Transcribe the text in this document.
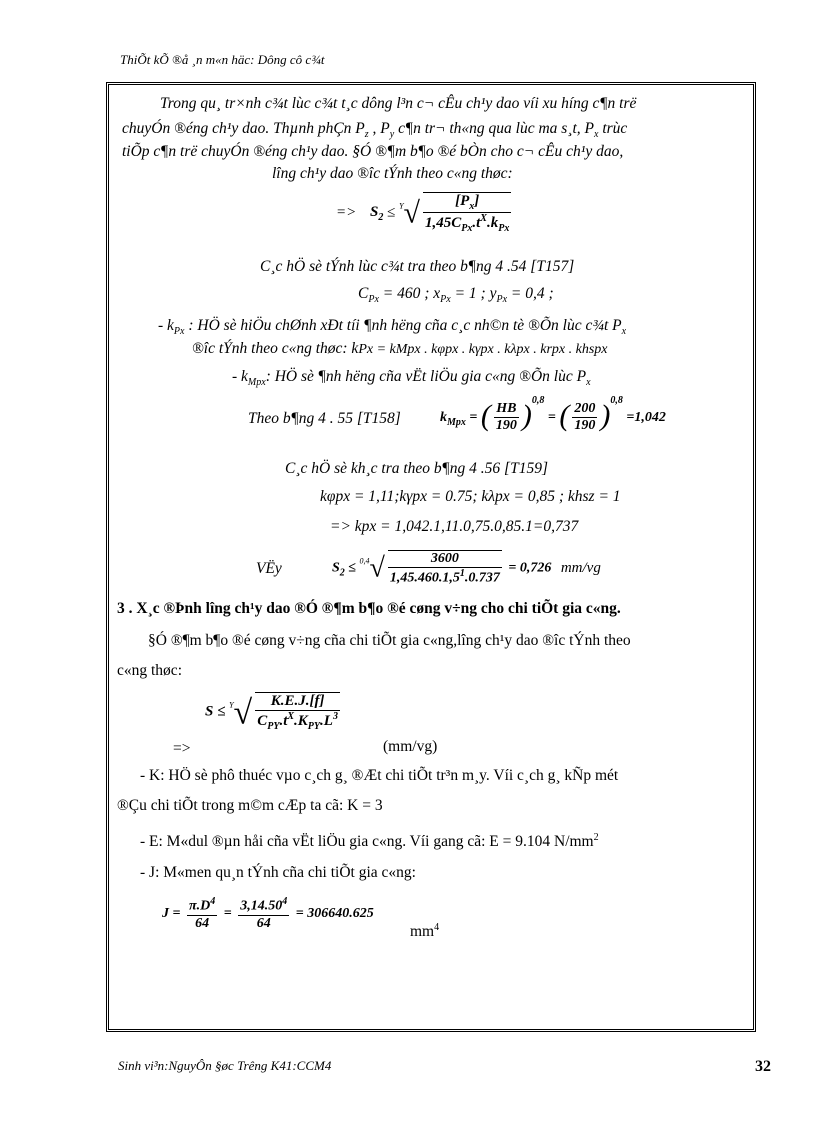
ThiÕt kÕ ®å ¸n m«n häc: Dông cô c¾t
Trong qu¸ tr×nh c¾t lùc c¾t t¸c dông l³n c¬ cÊu ch¹y dao víi xu híng c¶n trë
chuyÓn ®éng ch¹y dao. Thµnh phÇn $P_z$ , $P_y$ c¶n tr¬ th«ng qua lùc ma s¸t, $P_x$ trùc
tiÕp c¶n trë chuyÓn ®éng ch¹y dao. §Ó ®¶m b¶o ®é bÒn cho c¬ cÊu ch¹y dao,
lîng ch¹y dao ®îc tÝnh theo c«ng thøc:
=> $S_2 \le ^Y√ \frac{[P_x]}{1,45C_{Px}.t^X.k_{Px}}$
C¸c hÖ sè tÝnh lùc c¾t tra theo b¶ng 4 .54 [T157]
$C_{Px} = 460$ ; $x_{Px} = 1$ ; $y_{Px} = 0,4$ ;
- $k_{Px}$ : HÖ sè hiÖu chØnh xÐt tíi ¶nh hëng cña c¸c nh©n tè ®Õn lùc c¾t $P_x$
®îc tÝnh theo c«ng thøc: kPx = kMpx . kφpx . kγpx . kλpx . krpx . khspx
- $k_{Mpx}$: HÖ sè ¶nh hëng cña vËt liÖu gia c«ng ®Õn lùc $P_x$
Theo b¶ng 4 . 55 [T158]	$k_{Mpx}$ = ( $\frac{HB}{190} )^{0,8}$ = ( $\frac{200}{190} )^{0,8} =1,042$
C¸c hÖ sè kh¸c tra theo b¶ng 4 .56 [T159]
kφpx = 1,11;kγpx = 0.75; kλpx = 0,85 ; khsz = 1
=> kpx = 1,042.1,11.0,75.0,85.1=0,737
VËy	$S_2 \le ^{0,4}√ \frac{3600}{1,45.460.1,5^1.0.737} = 0,726$ mm/vg
3 . X¸c ®Þnh lîng ch¹y dao ®Ó ®¶m b¶o ®é cøng v÷ng cho chi tiÕt gia c«ng.
§Ó ®¶m b¶o ®é cøng v÷ng cña chi tiÕt gia c«ng,lîng ch¹y dao ®îc tÝnh theo
c«ng thøc:
$S \le ^Y√ \frac{K.E.J.[f]}{C_{PY}.t^X.K_{PY}.L^3}$
=>	(mm/vg)
- K: HÖ sè phô thuéc vµo c¸ch g¸ ®Æt chi tiÕt tr³n m¸y. Víi c¸ch g¸ kÑp mét
®Çu chi tiÕt trong m©m cÆp ta cã: K = 3
- E: M«dul ®µn håi cña vËt liÖu gia c«ng. Víi gang cã: E = 9.104 $N/mm^2$
- J: M«men qu¸n tÝnh cña chi tiÕt gia c«ng:
$J = \frac{\pi.D^4}{64} = \frac{3,14.50^4}{64} = 306640.625$
$mm^4$
Sinh vi³n:NguyÔn §øc Trêng K41:CCM4	32
